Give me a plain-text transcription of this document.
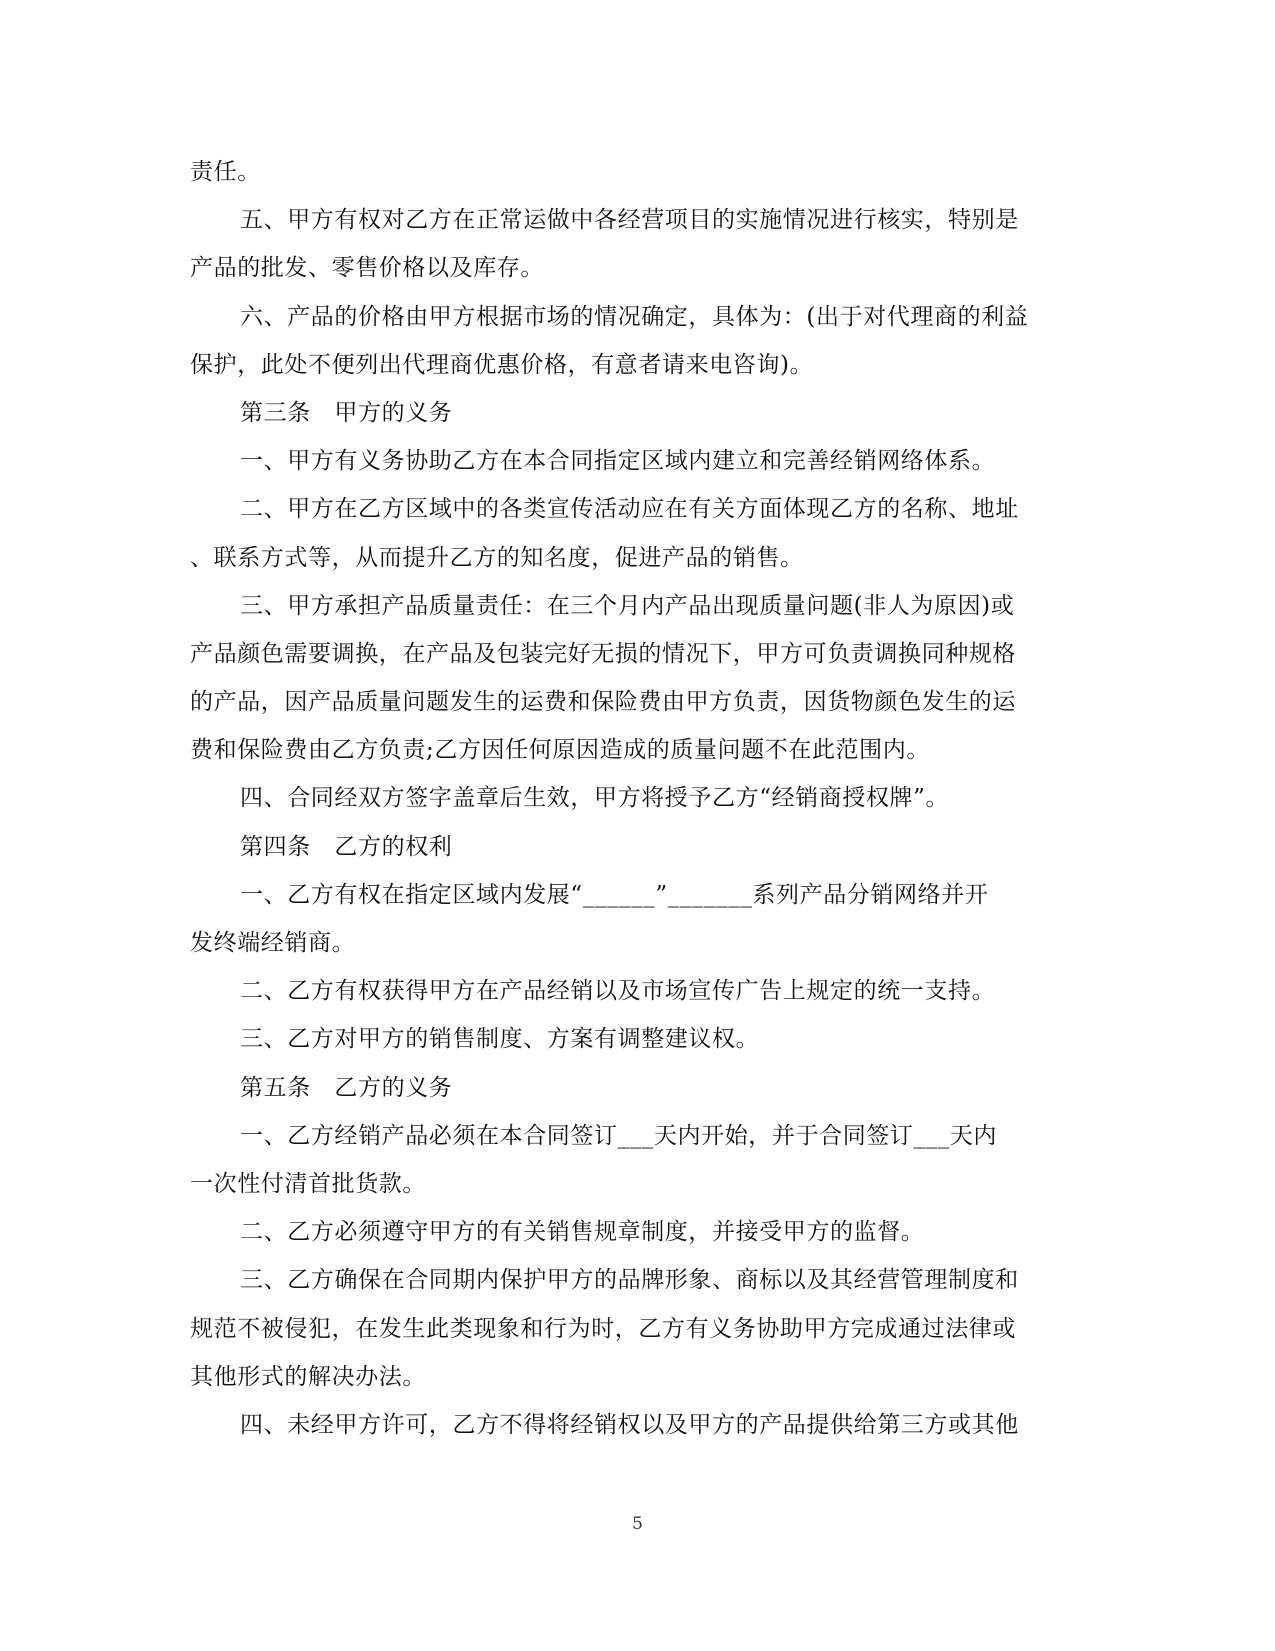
责任。
五、甲方有权对乙方在正常运做中各经营项目的实施情况进行核实，特别是
产品的批发、零售价格以及库存。
六、产品的价格由甲方根据市场的情况确定，具体为：(出于对代理商的利益
保护，此处不便列出代理商优惠价格，有意者请来电咨询)。
第三条　甲方的义务
一、甲方有义务协助乙方在本合同指定区域内建立和完善经销网络体系。
二、甲方在乙方区域中的各类宣传活动应在有关方面体现乙方的名称、地址
、联系方式等，从而提升乙方的知名度，促进产品的销售。
三、甲方承担产品质量责任：在三个月内产品出现质量问题(非人为原因)或
产品颜色需要调换，在产品及包装完好无损的情况下，甲方可负责调换同种规格
的产品，因产品质量问题发生的运费和保险费由甲方负责，因货物颜色发生的运
费和保险费由乙方负责;乙方因任何原因造成的质量问题不在此范围内。
四、合同经双方签字盖章后生效，甲方将授予乙方“经销商授权牌”。
第四条　乙方的权利
一、乙方有权在指定区域内发展“______”_______系列产品分销网络并开
发终端经销商。
二、乙方有权获得甲方在产品经销以及市场宣传广告上规定的统一支持。
三、乙方对甲方的销售制度、方案有调整建议权。
第五条　乙方的义务
一、乙方经销产品必须在本合同签订___天内开始，并于合同签订___天内
一次性付清首批货款。
二、乙方必须遵守甲方的有关销售规章制度，并接受甲方的监督。
三、乙方确保在合同期内保护甲方的品牌形象、商标以及其经营管理制度和
规范不被侵犯，在发生此类现象和行为时，乙方有义务协助甲方完成通过法律或
其他形式的解决办法。
四、未经甲方许可，乙方不得将经销权以及甲方的产品提供给第三方或其他
5
